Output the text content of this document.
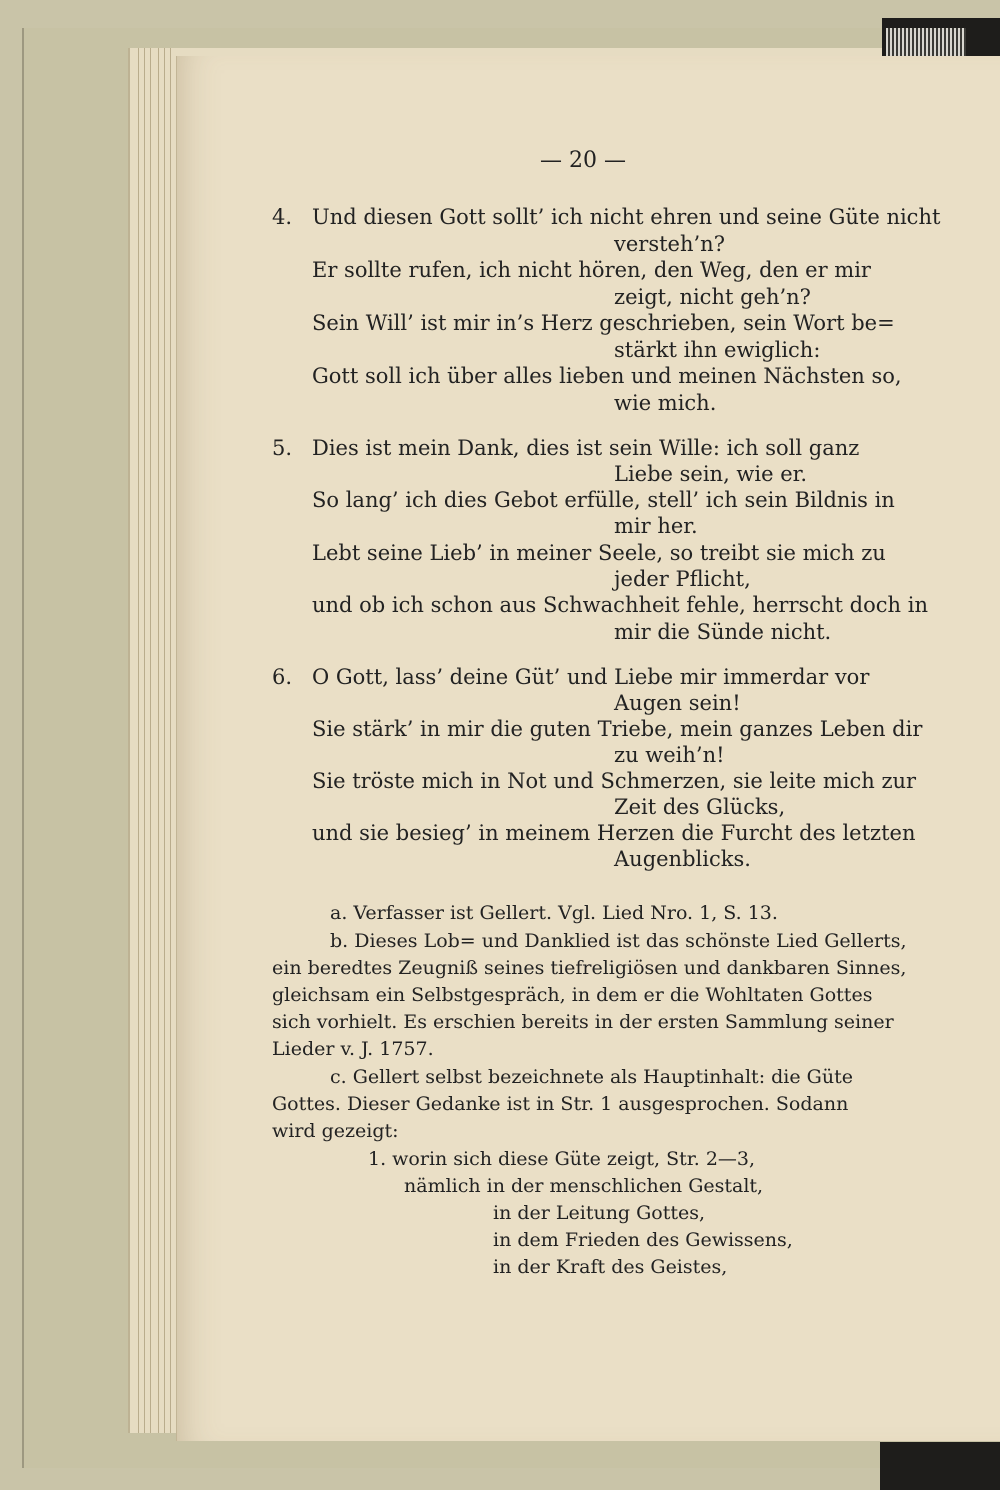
— 20 —
4. Und diesen Gott sollt’ ich nicht ehren und seine Güte nicht
versteh’n?
Er sollte rufen, ich nicht hören, den Weg, den er mir
zeigt, nicht geh’n?
Sein Will’ ist mir in’s Herz geschrieben, sein Wort be=
stärkt ihn ewiglich:
Gott soll ich über alles lieben und meinen Nächsten so,
wie mich.
5. Dies ist mein Dank, dies ist sein Wille: ich soll ganz
Liebe sein, wie er.
So lang’ ich dies Gebot erfülle, stell’ ich sein Bildnis in
mir her.
Lebt seine Lieb’ in meiner Seele, so treibt sie mich zu
jeder Pflicht,
und ob ich schon aus Schwachheit fehle, herrscht doch in
mir die Sünde nicht.
6. O Gott, lass’ deine Güt’ und Liebe mir immerdar vor
Augen sein!
Sie stärk’ in mir die guten Triebe, mein ganzes Leben dir
zu weih’n!
Sie tröste mich in Not und Schmerzen, sie leite mich zur
Zeit des Glücks,
und sie besieg’ in meinem Herzen die Furcht des letzten
Augenblicks.
a. Verfasser ist Gellert. Vgl. Lied Nro. 1, S. 13.
b. Dieses Lob= und Danklied ist das schönste Lied Gellerts,
ein beredtes Zeugniß seines tiefreligiösen und dankbaren Sinnes,
gleichsam ein Selbstgespräch, in dem er die Wohltaten Gottes
sich vorhielt. Es erschien bereits in der ersten Sammlung seiner
Lieder v. J. 1757.
c. Gellert selbst bezeichnete als Hauptinhalt: die Güte
Gottes. Dieser Gedanke ist in Str. 1 ausgesprochen. Sodann
wird gezeigt:
1. worin sich diese Güte zeigt, Str. 2—3,
nämlich in der menschlichen Gestalt,
in der Leitung Gottes,
in dem Frieden des Gewissens,
in der Kraft des Geistes,
